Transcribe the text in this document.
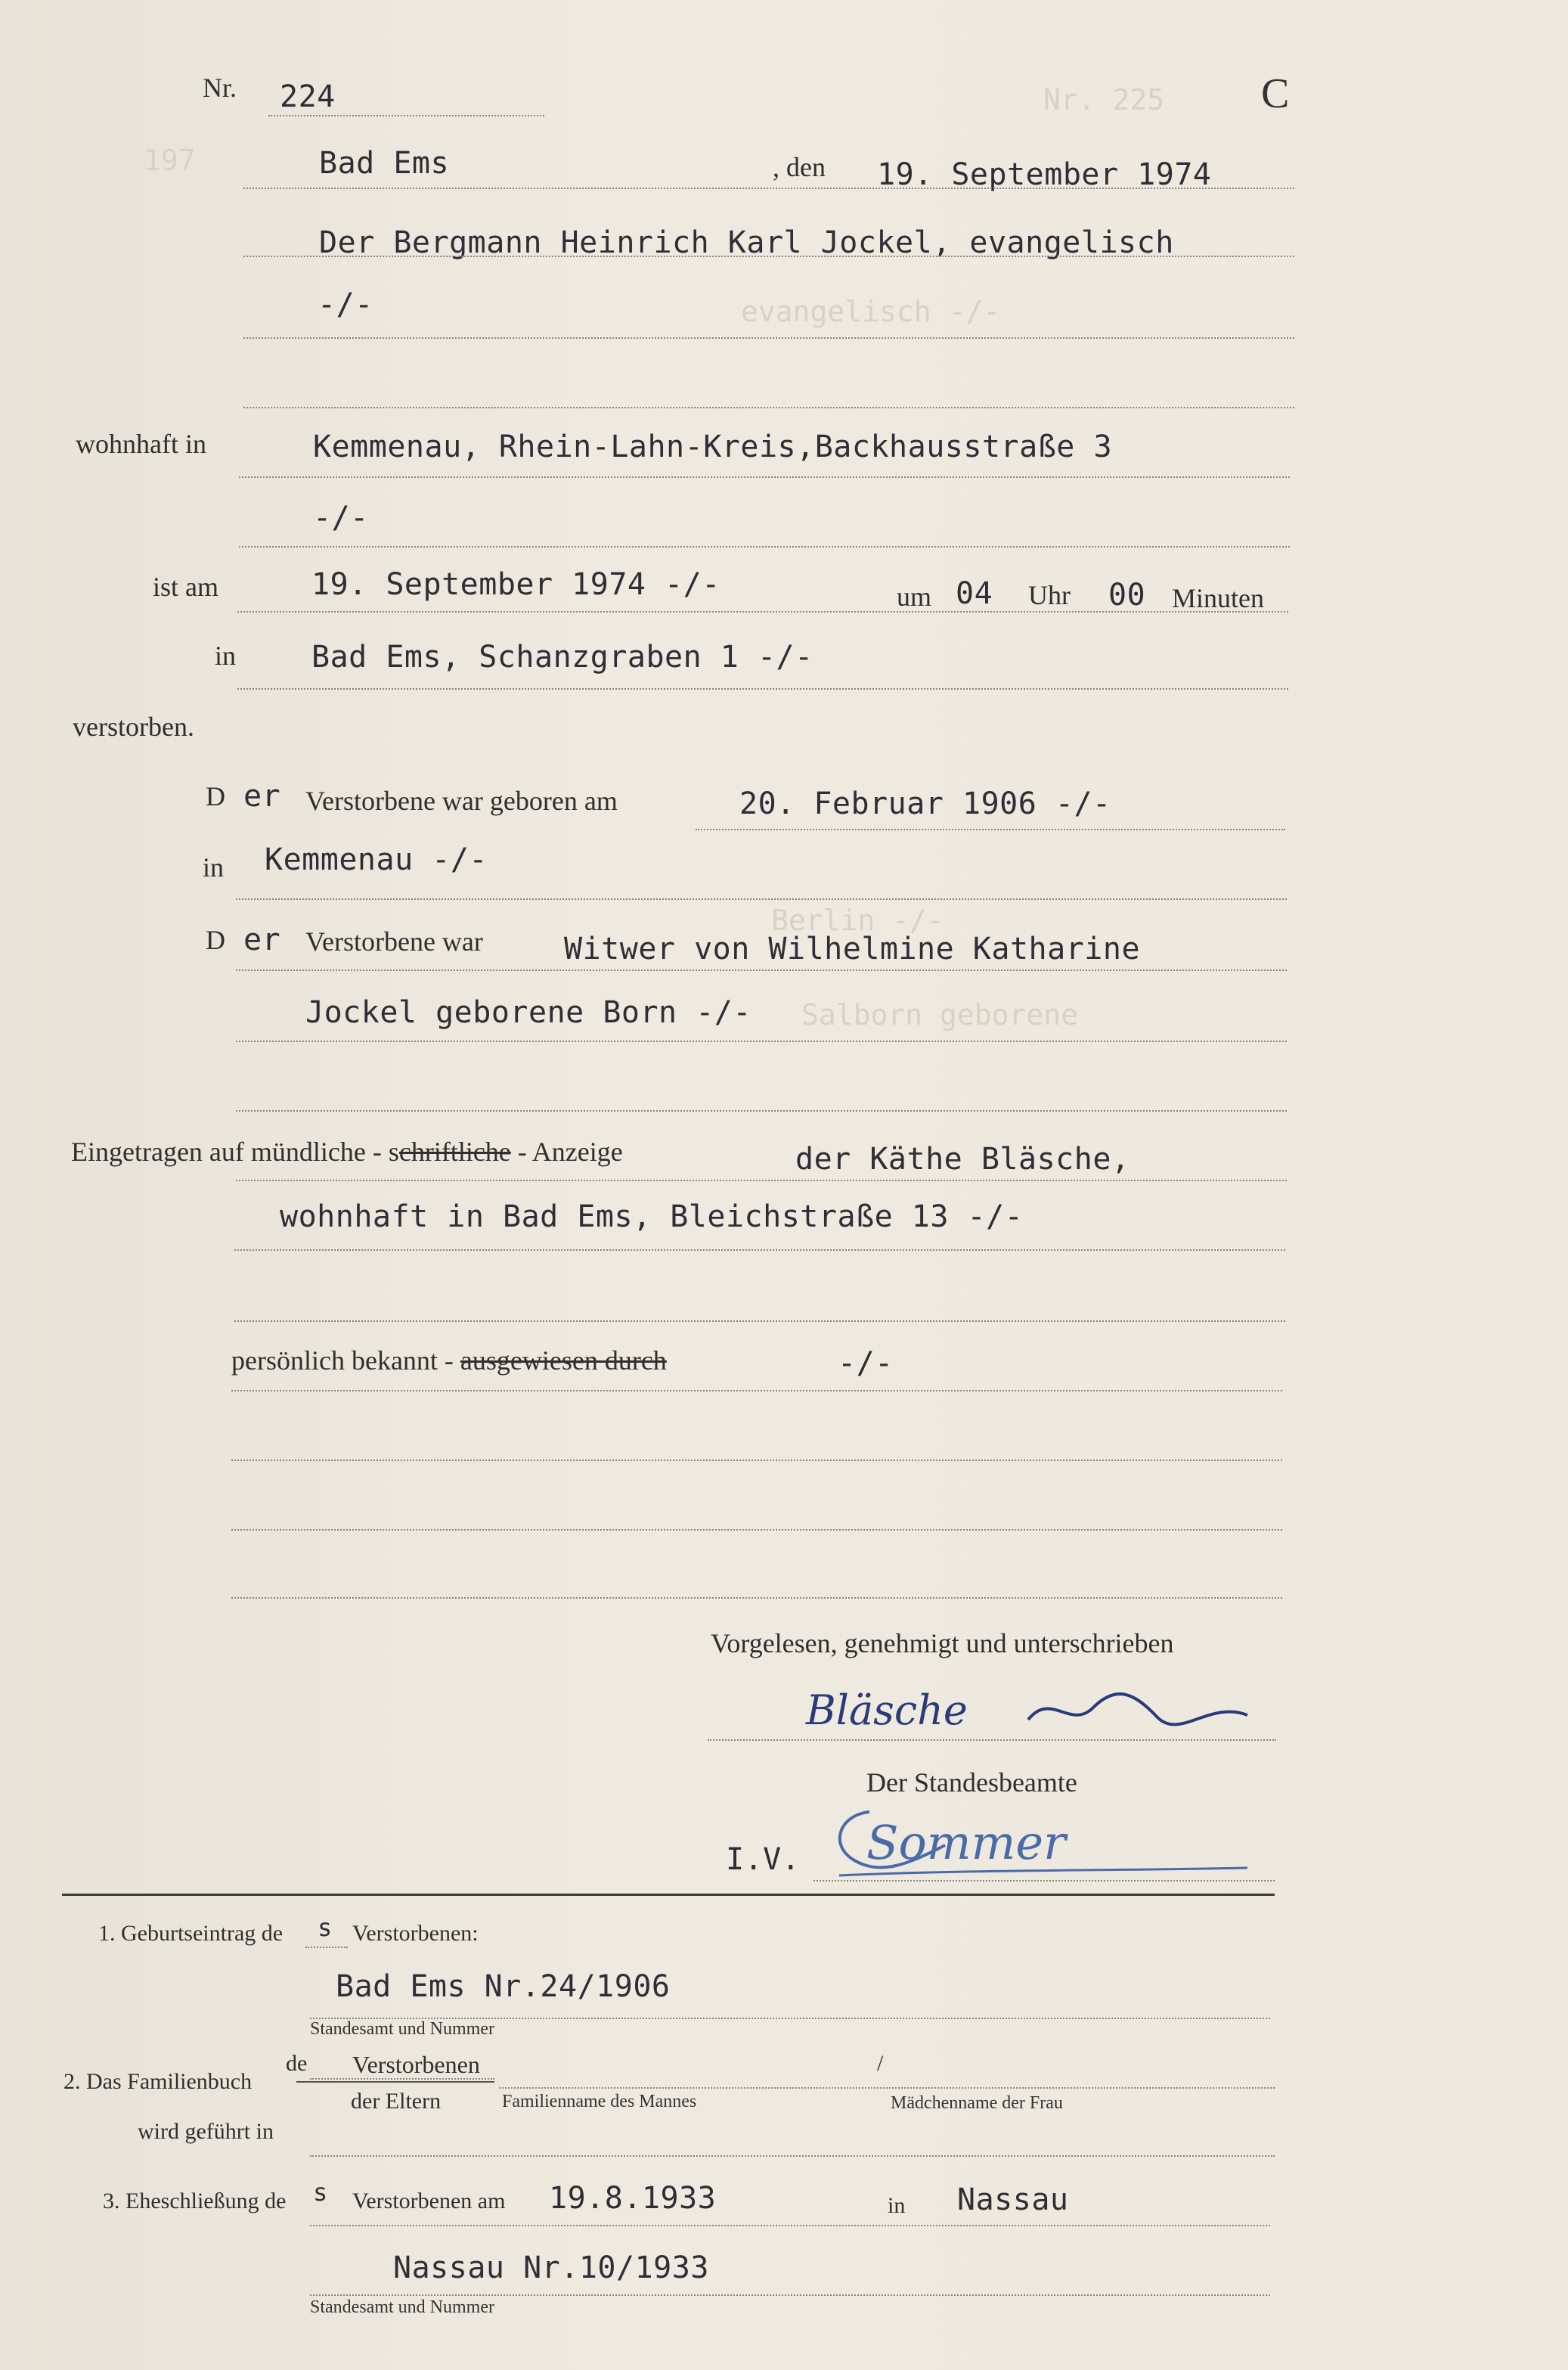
Nr. 225
197
evangelisch -/-
Berlin -/-
Salborn geborene
Nr. 224	C
Bad Ems	, den 19. September 1974
Der Bergmann Heinrich Karl Jockel, evangelisch
-/-
wohnhaft in	Kemmenau, Rhein-Lahn-Kreis,Backhausstraße 3
-/-
ist am	19. September 1974 -/-	um 04 Uhr 00 Minuten
in Bad Ems, Schanzgraben 1 -/-
verstorben.
D er Verstorbene war geboren am	20. Februar 1906 -/-
in Kemmenau -/-
D er Verstorbene war	Witwer von Wilhelmine Katharine
Jockel geborene Born -/-
Eingetragen auf mündliche - schriftliche - Anzeige	der Käthe Bläsche,
wohnhaft in Bad Ems, Bleichstraße 13 -/-
persönlich bekannt - ausgewiesen durch	-/-
Vorgelesen, genehmigt und unterschrieben
Bläsche
Der Standesbeamte
I.V. Sommer
1. Geburtseintrag de s Verstorbenen:
Bad Ems Nr.24/1906
Standesamt und Nummer
2. Das Familienbuch
de Verstorbenen
der Eltern	Familienname des Mannes
/
Mädchenname der Frau
wird geführt in
3. Eheschließung de s Verstorbenen am 19.8.1933	in Nassau
Nassau Nr.10/1933
Standesamt und Nummer
